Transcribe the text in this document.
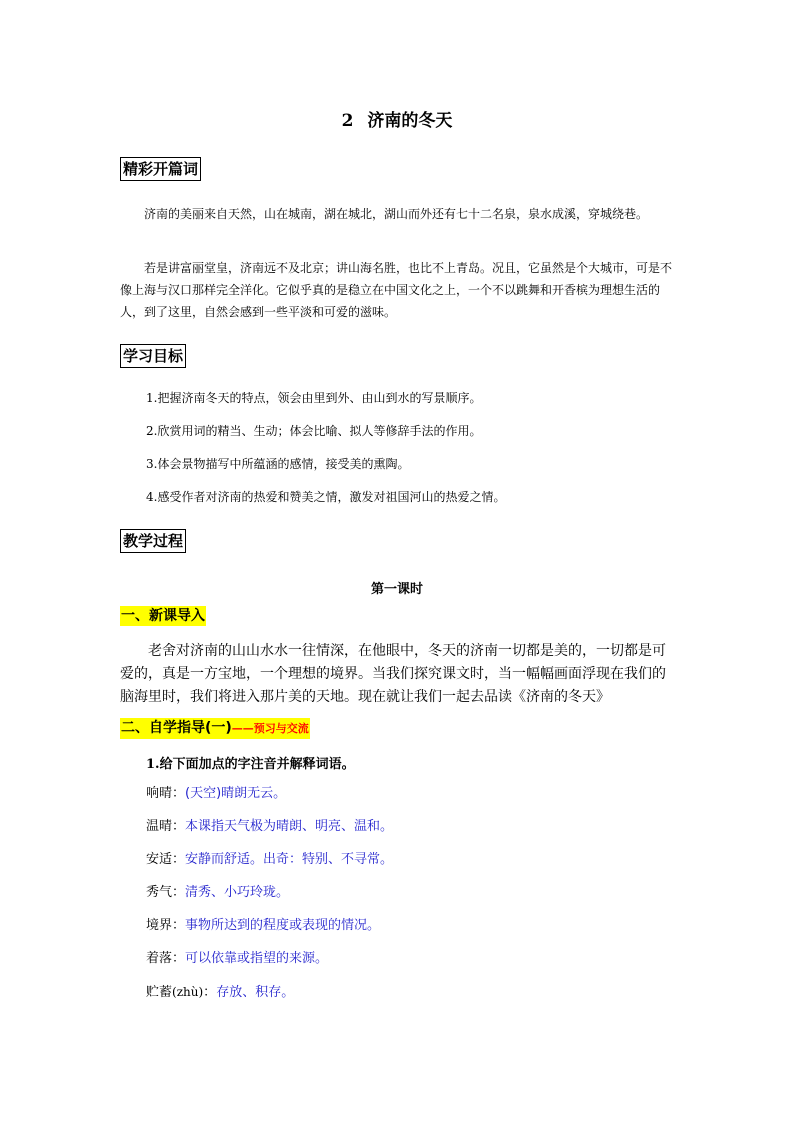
2 济南的冬天
精彩开篇词
济南的美丽来自天然，山在城南，湖在城北，湖山而外还有七十二名泉，泉水成溪，穿城绕巷。
若是讲富丽堂皇，济南远不及北京；讲山海名胜，也比不上青岛。况且，它虽然是个大城市，可是不像上海与汉口那样完全洋化。它似乎真的是稳立在中国文化之上，一个不以跳舞和开香槟为理想生活的人，到了这里，自然会感到一些平淡和可爱的滋味。
学习目标
1.把握济南冬天的特点，领会由里到外、由山到水的写景顺序。
2.欣赏用词的精当、生动；体会比喻、拟人等修辞手法的作用。
3.体会景物描写中所蕴涵的感情，接受美的熏陶。
4.感受作者对济南的热爱和赞美之情，激发对祖国河山的热爱之情。
教学过程
第一课时
一、新课导入
老舍对济南的山山水水一往情深，在他眼中，冬天的济南一切都是美的，一切都是可爱的，真是一方宝地，一个理想的境界。当我们探究课文时，当一幅幅画面浮现在我们的脑海里时，我们将进入那片美的天地。现在就让我们一起去品读《济南的冬天》
二、自学指导(一)——预习与交流
1.给下面加点的字注音并解释词语。
响晴：(天空)晴朗无云。
温晴：本课指天气极为晴朗、明亮、温和。
安适：安静而舒适。出奇：特别、不寻常。
秀气：清秀、小巧玲珑。
境界：事物所达到的程度或表现的情况。
着落：可以依靠或指望的来源。
贮蓄(zhù)：存放、积存。
